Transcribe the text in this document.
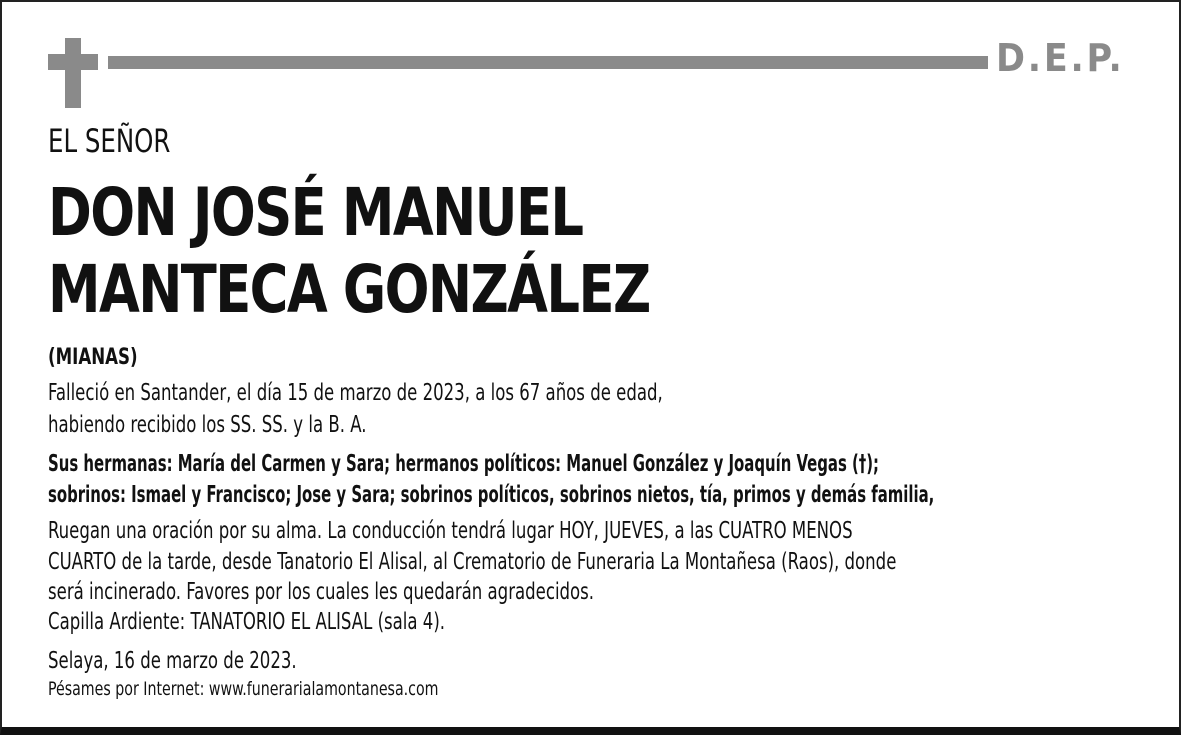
D.E.P.
EL SEÑOR
DON JOSÉ MANUEL
MANTECA GONZÁLEZ
(MIANAS)
Falleció en Santander, el día 15 de marzo de 2023, a los 67 años de edad,
habiendo recibido los SS. SS. y la B. A.
Sus hermanas: María del Carmen y Sara; hermanos políticos: Manuel González y Joaquín Vegas (†);
sobrinos: Ismael y Francisco; Jose y Sara; sobrinos políticos, sobrinos nietos, tía, primos y demás familia,
Ruegan una oración por su alma. La conducción tendrá lugar HOY, JUEVES, a las CUATRO MENOS
CUARTO de la tarde, desde Tanatorio El Alisal, al Crematorio de Funeraria La Montañesa (Raos), donde
será incinerado. Favores por los cuales les quedarán agradecidos.
Capilla Ardiente: TANATORIO EL ALISAL (sala 4).
Selaya, 16 de marzo de 2023.
Pésames por Internet: www.funerarialamontanesa.com
